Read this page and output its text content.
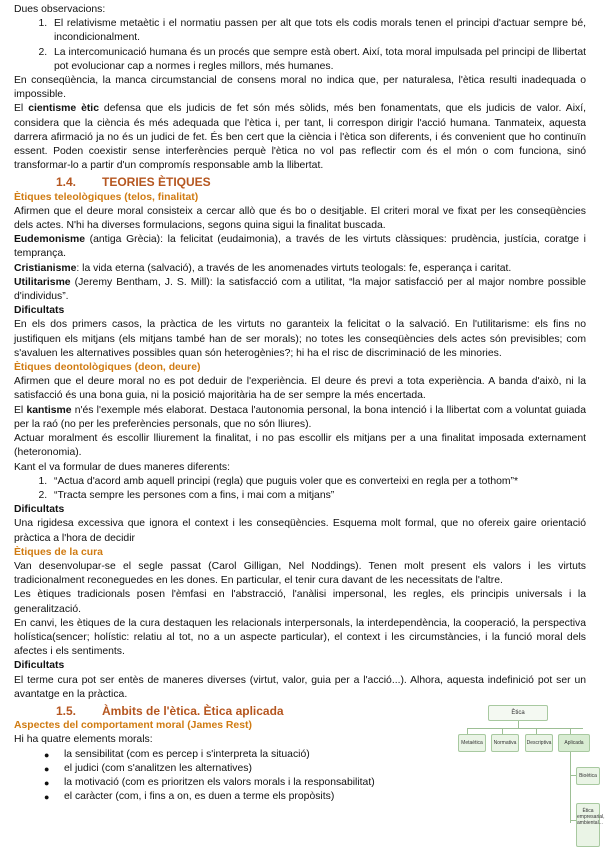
Dues observacions:

1. El relativisme metaètic i el normatiu passen per alt que tots els codis morals tenen el principi d'actuar sempre bé, incondicionalment.
2. La intercomunicació humana és un procés que sempre està obert. Així, tota moral impulsada pel principi de llibertat pot evolucionar cap a normes i regles millors, més humanes.

En conseqüència, la manca circumstancial de consens moral no indica que, per naturalesa, l'ètica resulti inadequada o impossible.

El cientisme ètic defensa que els judicis de fet són més sòlids, més ben fonamentats, que els judicis de valor. Així, considera que la ciència és més adequada que l'ètica i, per tant, li correspon dirigir l'acció humana. Tanmateix, aquesta darrera afirmació ja no és un judici de fet. És ben cert que la ciència i l'ètica son diferents, i és convenient que ho continuïn essent. Poden coexistir sense interferències perquè l'ètica no vol pas reflectir com és el món o com funciona, sinó transformar-lo a partir d'un compromís responsable amb la llibertat.

1.4. TEORIES ÈTIQUES
Ètiques teleològiques (telos, finalitat)

Afirmen que el deure moral consisteix a cercar allò que és bo o desitjable. El criteri moral ve fixat per les conseqüències dels actes. N'hi ha diverses formulacions, segons quina sigui la finalitat buscada.

Eudemonisme (antiga Grècia): la felicitat (eudaimonia), a través de les virtuts clàssiques: prudència, justícia, coratge i temprança.

Cristianisme: la vida eterna (salvació), a través de les anomenades virtuts teologals: fe, esperança i caritat.

Utilitarisme (Jeremy Bentham, J. S. Mill): la satisfacció com a utilitat, “la major satisfacció per al major nombre possible d'individus”.

Dificultats

En els dos primers casos, la pràctica de les virtuts no garanteix la felicitat o la salvació. En l'utilitarisme: els fins no justifiquen els mitjans (els mitjans també han de ser morals); no totes les conseqüències dels actes són previsibles; com s'avaluen les alternatives possibles quan són heterogènies?; hi ha el risc de discriminació de les minories.

Ètiques deontològiques (deon, deure)

Afirmen que el deure moral no es pot deduir de l'experiència. El deure és previ a tota experiència. A banda d'això, ni la satisfacció és una bona guia, ni la posició majoritària ha de ser sempre la més encertada.

El kantisme n'és l'exemple més elaborat. Destaca l'autonomia personal, la bona intenció i la llibertat com a voluntat guiada per la raó (no per les preferències personals, que no són lliures).

Actuar moralment és escollir lliurement la finalitat, i no pas escollir els mitjans per a una finalitat imposada externament (heteronomia).

Kant el va formular de dues maneres diferents:

1. “Actua d'acord amb aquell principi (regla) que puguis voler que es converteixi en regla per a tothom”*
2. “Tracta sempre les persones com a fins, i mai com a mitjans”

Dificultats

Una rigidesa excessiva que ignora el context i les conseqüències. Esquema molt formal, que no ofereix gaire orientació pràctica a l'hora de decidir

Ètiques de la cura

Van desenvolupar-se el segle passat (Carol Gilligan, Nel Noddings). Tenen molt present els valors i les virtuts tradicionalment reconeguedes en les dones. En particular, el tenir cura davant de les necessitats de l'altre.

Les ètiques tradicionals posen l'èmfasi en l'abstracció, l'anàlisi impersonal, les regles, els principis universals i la generalització.

En canvi, les ètiques de la cura destaquen les relacionals interpersonals, la interdependència, la cooperació, la perspectiva holística(sencer; holístic: relatiu al tot, no a un aspecte particular), el context i les circumstàncies, i la funció moral dels afectes i els sentiments.

Dificultats

El terme cura pot ser entès de maneres diverses (virtut, valor, guia per a l'acció...). Alhora, aquesta indefinició pot ser un avantatge en la pràctica.

1.5. Àmbits de l'ètica. Ètica aplicada
Aspectes del comportament moral (James Rest)

Hi ha quatre elements morals:

● la sensibilitat (com es percep i s'interpreta la situació)
● el judici (com s'analitzen les alternatives)
● la motivació (com es prioritzen els valors morals i la responsabilitat)
● el caràcter (com, i fins a on, es duen a terme els propòsits)
Ètica
Metaètica	Normativa	Descriptiva	Aplicada
Bioètica
Ètica empresarial, ambiental...
